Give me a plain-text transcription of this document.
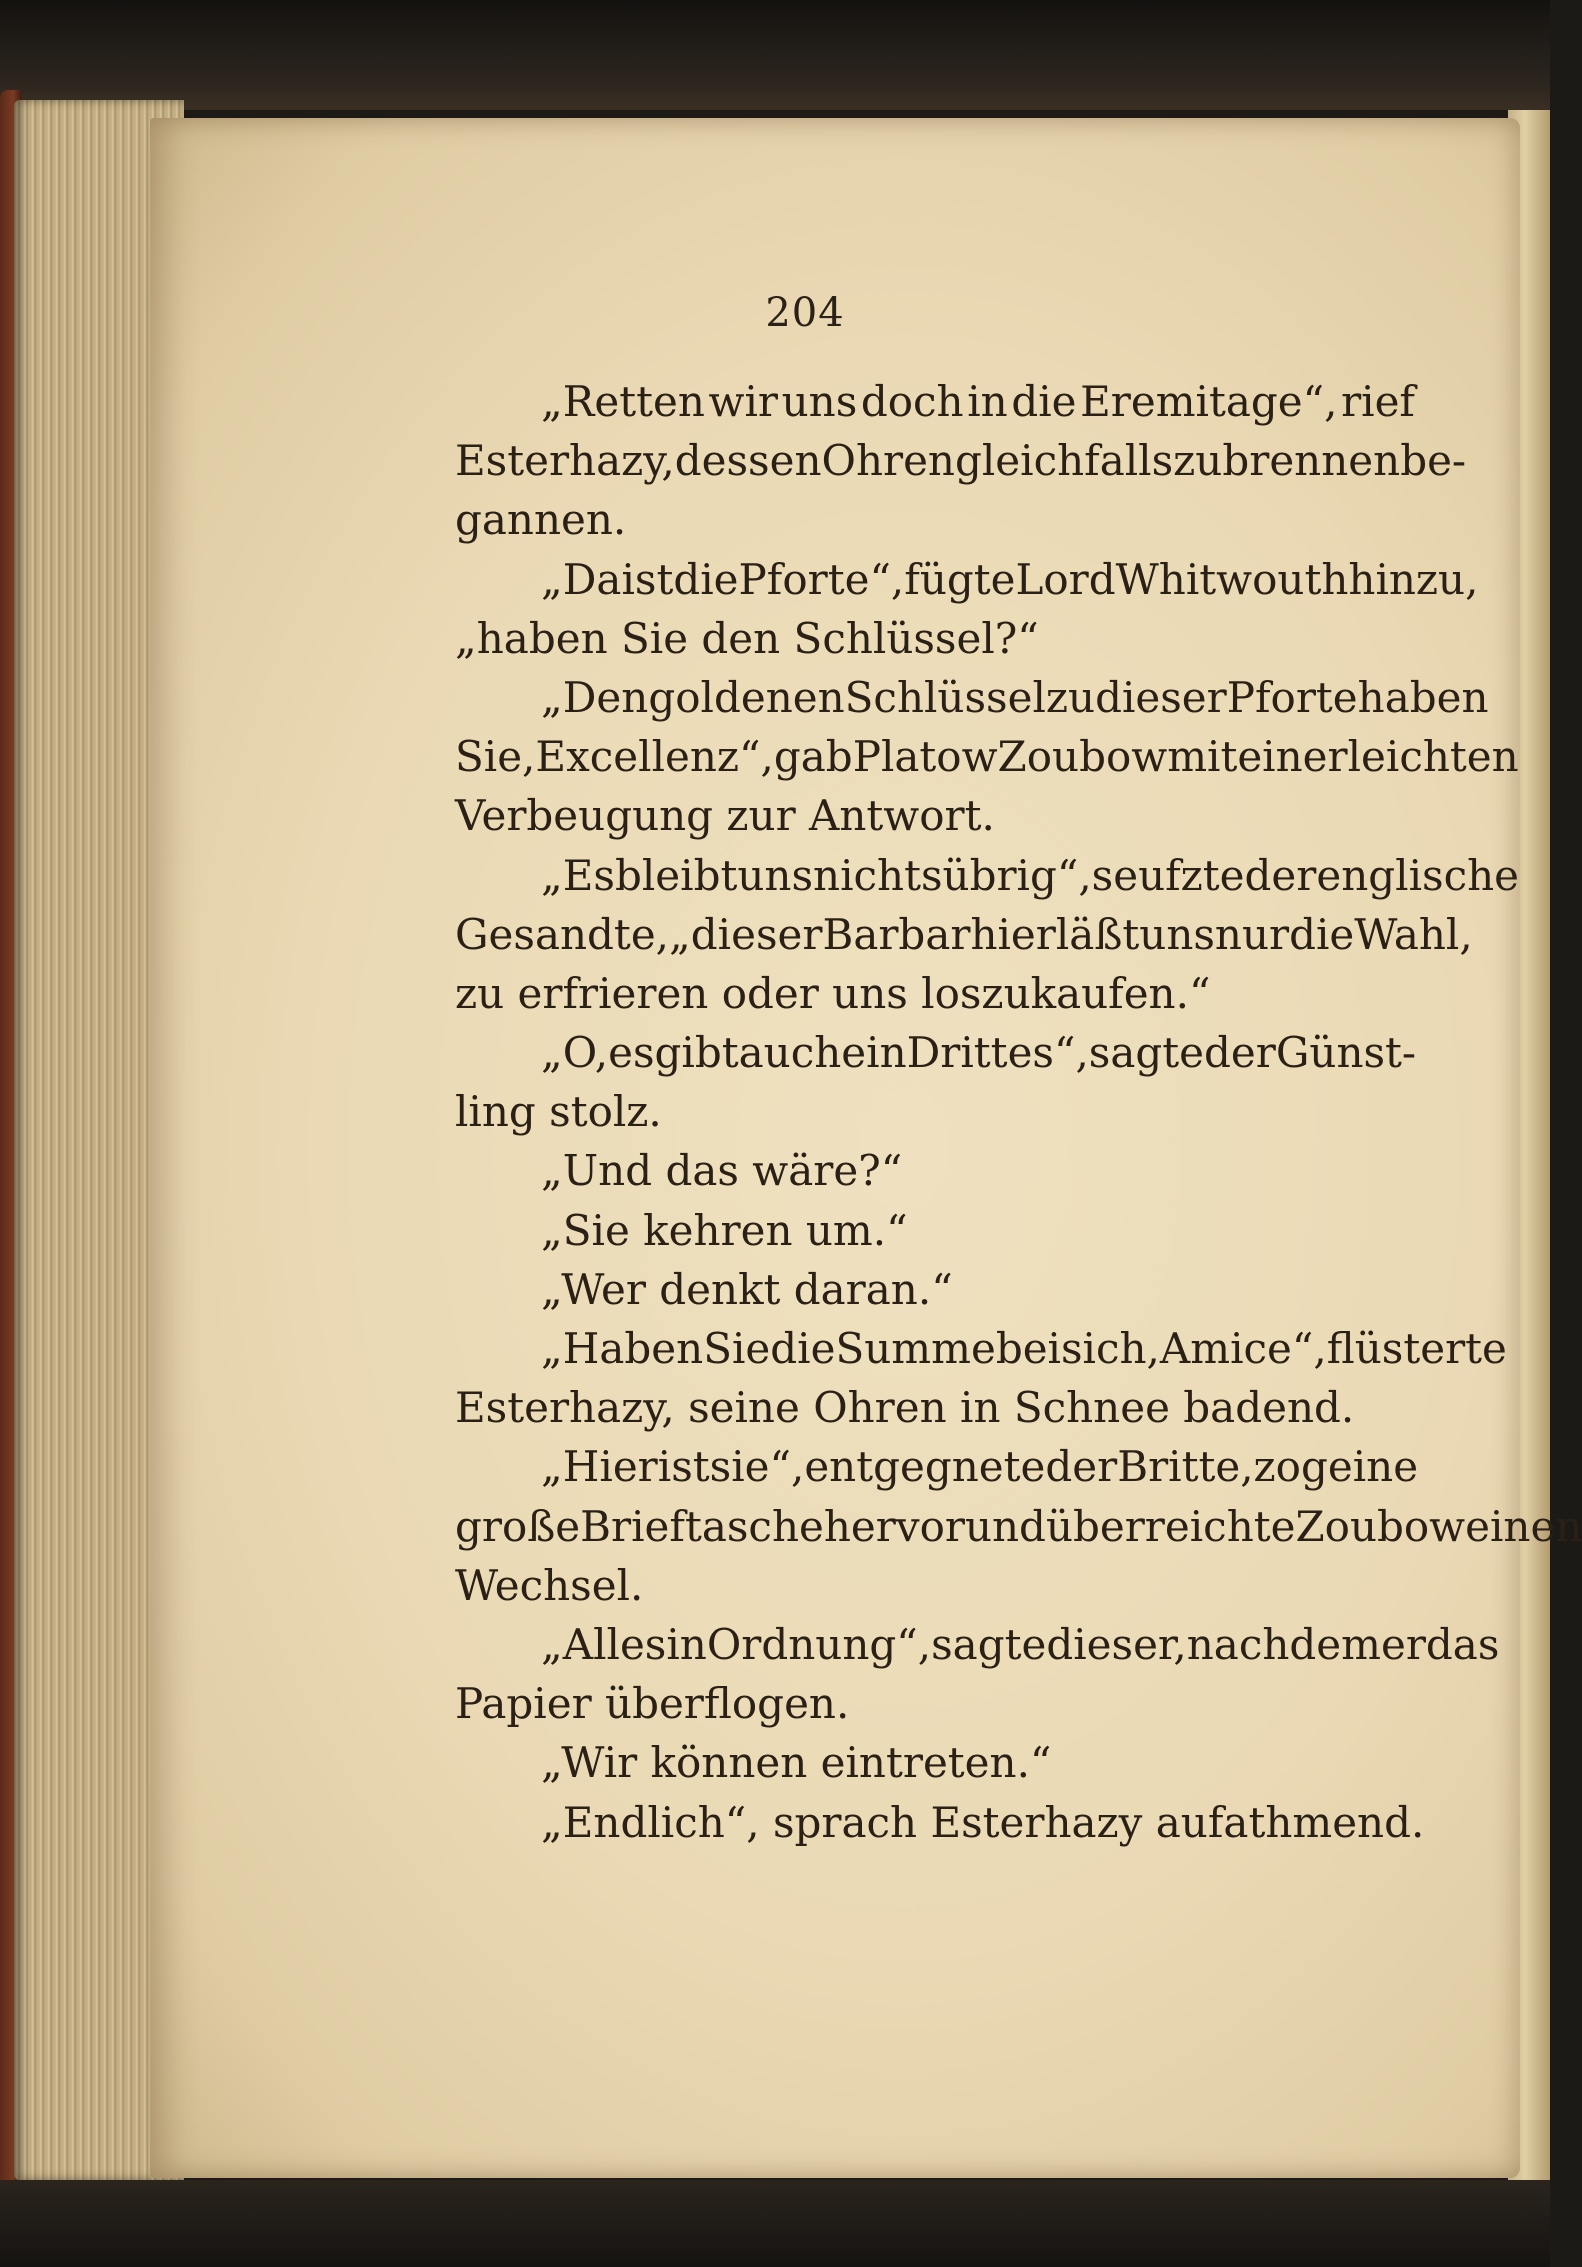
204
„Retten wir uns doch in die Eremitage“, rief
Esterhazy, dessen Ohren gleichfalls zu brennen be-
gannen.
„Da ist die Pforte“, fügte Lord Whitwouth hinzu,
„haben Sie den Schlüssel?“
„Den goldenen Schlüssel zu dieser Pforte haben
Sie, Excellenz“, gab Platow Zoubow mit einer leichten
Verbeugung zur Antwort.
„Es bleibt uns nichts übrig“, seufzte der englische
Gesandte, „dieser Barbar hier läßt uns nur die Wahl,
zu erfrieren oder uns loszukaufen.“
„O, es gibt auch ein Drittes“, sagte der Günst-
ling stolz.
„Und das wäre?“
„Sie kehren um.“
„Wer denkt daran.“
„Haben Sie die Summe bei sich, Amice“, flüsterte
Esterhazy, seine Ohren in Schnee badend.
„Hier ist sie“, entgegnete der Britte, zog eine
große Brieftasche hervor und überreichte Zoubow einen
Wechsel.
„Alles in Ordnung“, sagte dieser, nachdem er das
Papier überflogen.
„Wir können eintreten.“
„Endlich“, sprach Esterhazy aufathmend.
